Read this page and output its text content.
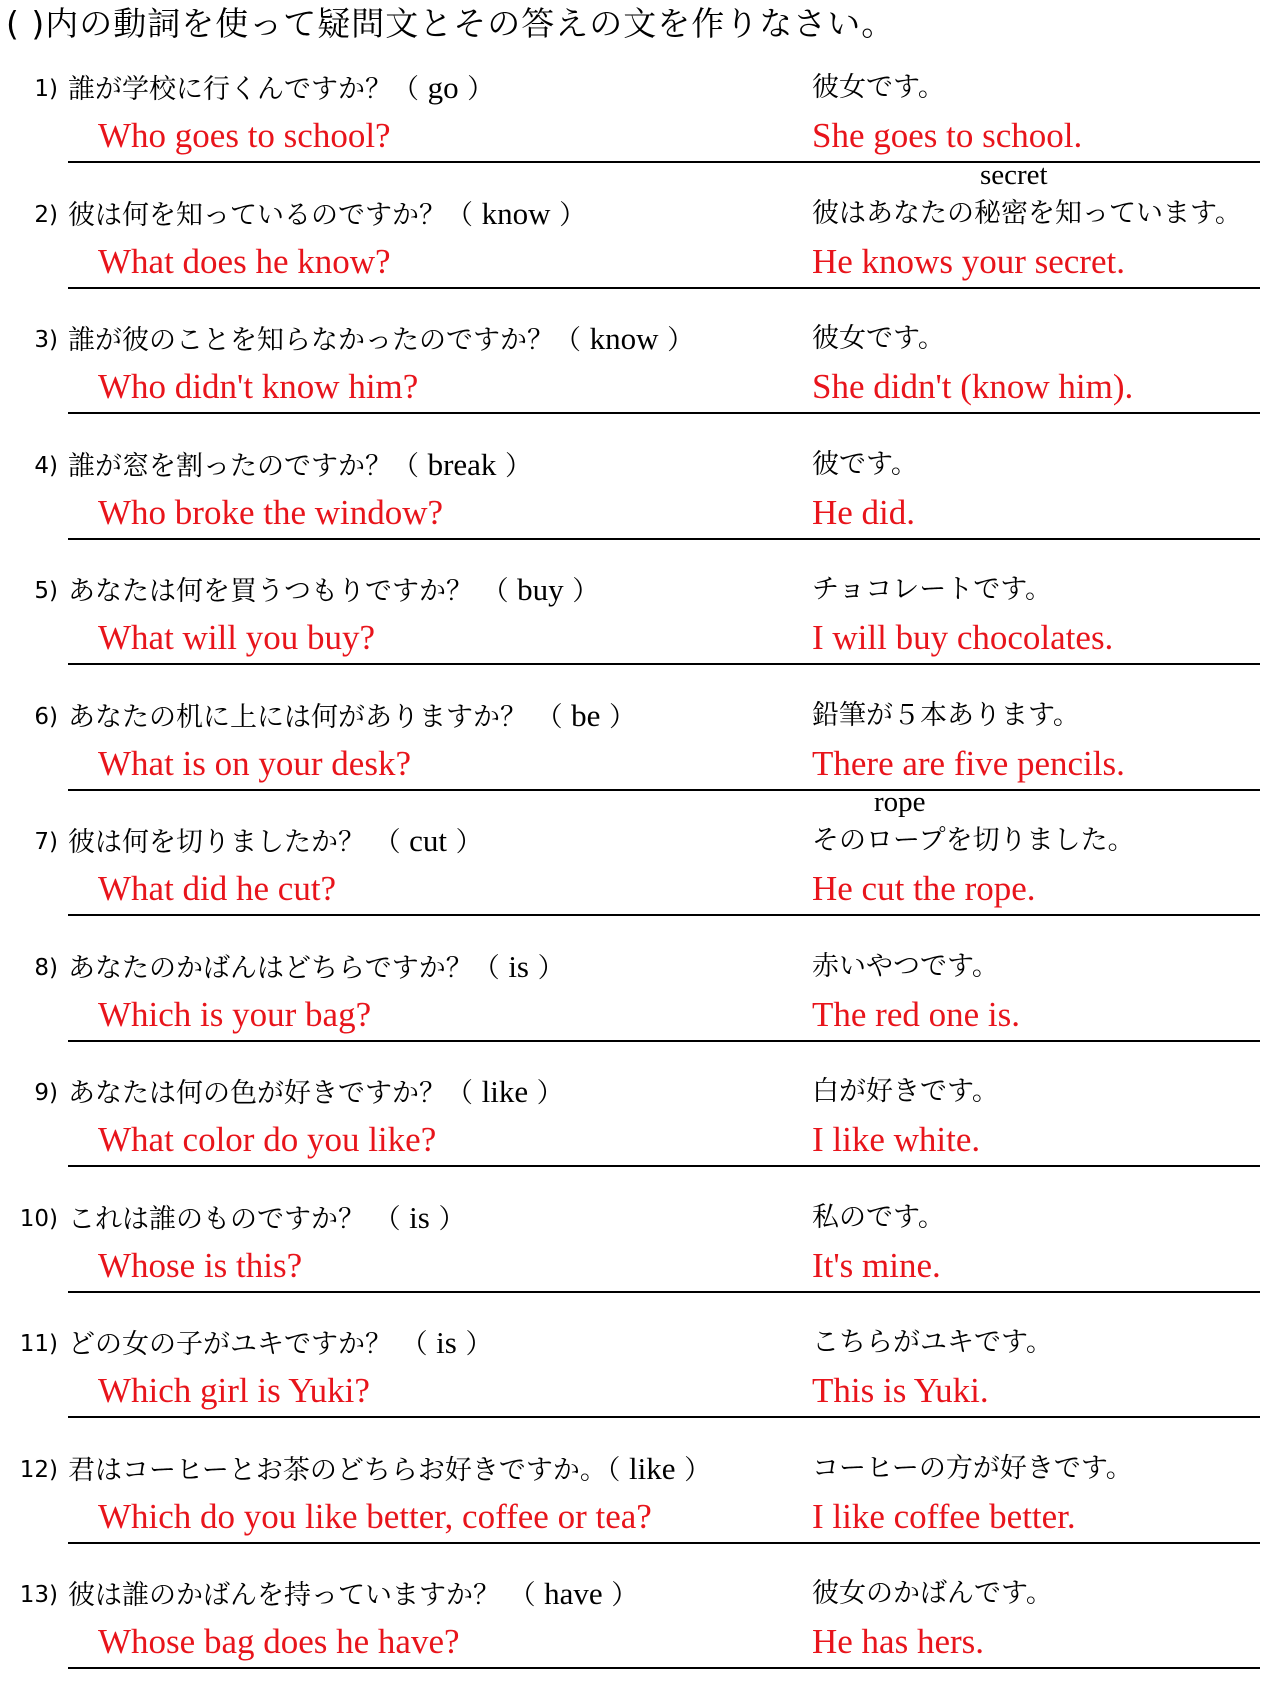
( )内の動詞を使って疑問文とその答えの文を作りなさい。
1) 誰が学校に行くんですか？（ go ）	彼女です。
Who goes to school?	She goes to school.
2) 彼は何を知っているのですか？（ know ）	彼はあなたの秘密を知っています。
secret
What does he know?	He knows your secret.
3) 誰が彼のことを知らなかったのですか？（ know ）	彼女です。
Who didn't know him?	She didn't (know him).
4) 誰が窓を割ったのですか？（ break ）	彼です。
Who broke the window?	He did.
5) あなたは何を買うつもりですか？ （ buy ）	チョコレートです。
What will you buy?	I will buy chocolates.
6) あなたの机に上には何がありますか？ （ be ）	鉛筆が５本あります。
What is on your desk?	There are five pencils.
7) 彼は何を切りましたか？ （ cut ）	そのロープを切りました。
rope
What did he cut?	He cut the rope.
8) あなたのかばんはどちらですか？（ is ）	赤いやつです。
Which is your bag?	The red one is.
9) あなたは何の色が好きですか？（ like ）	白が好きです。
What color do you like?	I like white.
10) これは誰のものですか？ （ is ）	私のです。
Whose is this?	It's mine.
11) どの女の子がユキですか？ （ is ）	こちらがユキです。
Which girl is Yuki?	This is Yuki.
12) 君はコーヒーとお茶のどちらお好きですか。（ like ）	コーヒーの方が好きです。
Which do you like better, coffee or tea?	I like coffee better.
13) 彼は誰のかばんを持っていますか？ （ have ）	彼女のかばんです。
Whose bag does he have?	He has hers.
